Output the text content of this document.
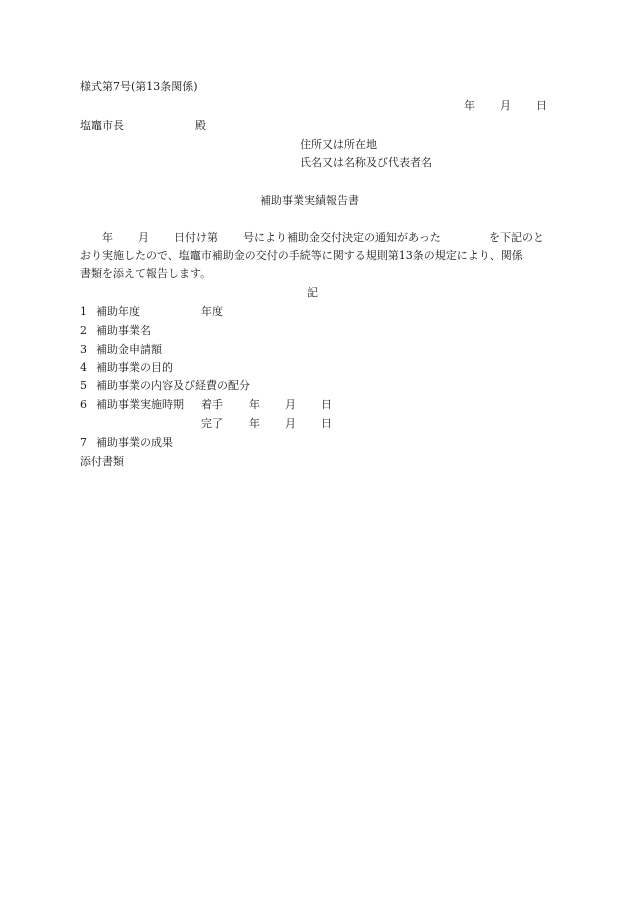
様式第7号(第13条関係)
年 月 日
塩竈市長	殿
住所又は所在地
氏名又は名称及び代表者名
補助事業実績報告書
年 月 日付け第 号により補助金交付決定の通知があった	を下記のと
おり実施したので、塩竈市補助金の交付の手続等に関する規則第13条の規定により、関係
書類を添えて報告します。
記
1 補助年度	年度
2 補助事業名
3 補助金申請額
4 補助事業の目的
5 補助事業の内容及び経費の配分
6 補助事業実施時期 着手 年 月 日
完了 年 月 日
7 補助事業の成果
添付書類
